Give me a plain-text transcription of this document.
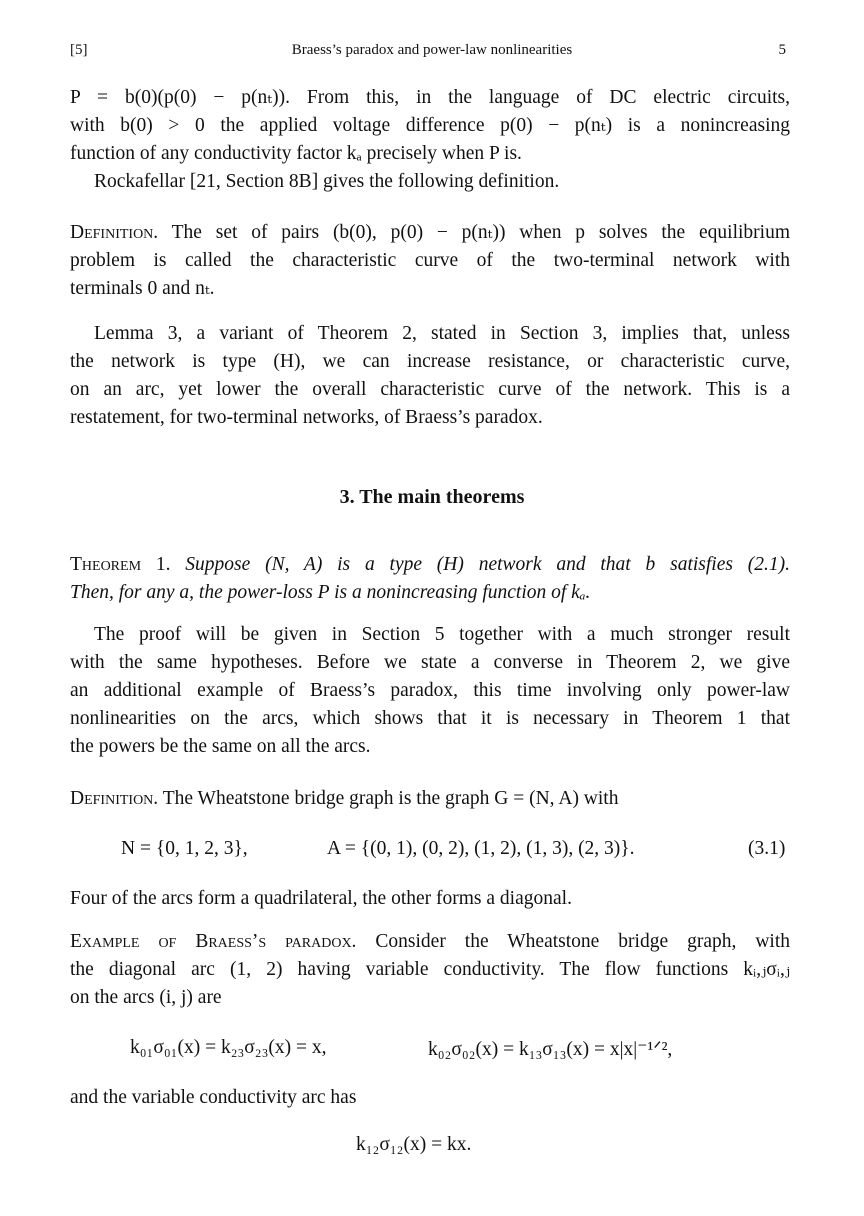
[5]	Braess’s paradox and power-law nonlinearities	5
P = b(0)(p(0) − p(nₜ)). From this, in the language of DC electric circuits,
with b(0) > 0 the applied voltage difference p(0) − p(nₜ) is a nonincreasing
function of any conductivity factor kₐ precisely when P is.
Rockafellar [21, Section 8B] gives the following definition.
Definition. The set of pairs (b(0), p(0) − p(nₜ)) when p solves the equilibrium
problem is called the characteristic curve of the two-terminal network with
terminals 0 and nₜ.
Lemma 3, a variant of Theorem 2, stated in Section 3, implies that, unless
the network is type (H), we can increase resistance, or characteristic curve,
on an arc, yet lower the overall characteristic curve of the network. This is a
restatement, for two-terminal networks, of Braess’s paradox.
3. The main theorems
Theorem 1. Suppose (N, A) is a type (H) network and that b satisfies (2.1).
Then, for any a, the power-loss P is a nonincreasing function of kₐ.
The proof will be given in Section 5 together with a much stronger result
with the same hypotheses. Before we state a converse in Theorem 2, we give
an additional example of Braess’s paradox, this time involving only power-law
nonlinearities on the arcs, which shows that it is necessary in Theorem 1 that
the powers be the same on all the arcs.
Definition. The Wheatstone bridge graph is the graph G = (N, A) with
N = {0, 1, 2, 3},	A = {(0, 1), (0, 2), (1, 2), (1, 3), (2, 3)}.	(3.1)
Four of the arcs form a quadrilateral, the other forms a diagonal.
Example of Braess’s paradox. Consider the Wheatstone bridge graph, with
the diagonal arc (1, 2) having variable conductivity. The flow functions kᵢ,ⱼσᵢ,ⱼ
on the arcs (i, j) are
k₀₁σ₀₁(x) = k₂₃σ₂₃(x) = x,	k₀₂σ₀₂(x) = k₁₃σ₁₃(x) = x|x|⁻¹ᐟ²,
and the variable conductivity arc has
k₁₂σ₁₂(x) = kx.
